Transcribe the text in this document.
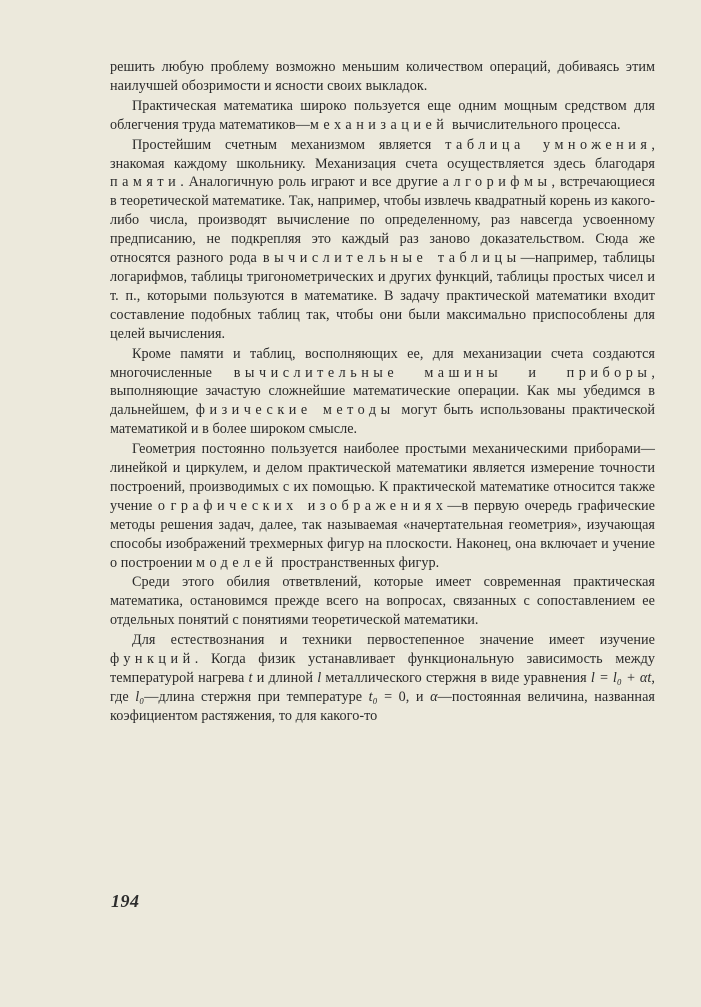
решить любую проблему возможно меньшим количеством операций, добиваясь этим наилучшей обозримости и ясности своих выкладок.

Практическая математика широко пользуется еще одним мощным средством для облегчения труда математиков—механизацией вычислительного процесса.

Простейшим счетным механизмом является таблица умножения, знакомая каждому школьнику. Механизация счета осуществляется здесь благодаря памяти. Аналогичную роль играют и все другие алгорифмы, встречающиеся в теоретической математике. Так, например, чтобы извлечь квадратный корень из какого-либо числа, производят вычисление по определенному, раз навсегда усвоенному предписанию, не подкрепляя это каждый раз заново доказательством. Сюда же относятся разного рода вычислительные таблицы—например, таблицы логарифмов, таблицы тригонометрических и других функций, таблицы простых чисел и т. п., которыми пользуются в математике. В задачу практической математики входит составление подобных таблиц так, чтобы они были максимально приспособлены для целей вычисления.

Кроме памяти и таблиц, восполняющих ее, для механизации счета создаются многочисленные вычислительные машины и приборы, выполняющие зачастую сложнейшие математические операции. Как мы убедимся в дальнейшем, физические методы могут быть использованы практической математикой и в более широком смысле.

Геометрия постоянно пользуется наиболее простыми механическими приборами—линейкой и циркулем, и делом практической математики является измерение точности построений, производимых с их помощью. К практической математике относится также учение о графических изображениях—в первую очередь графические методы решения задач, далее, так называемая «начертательная геометрия», изучающая способы изображений трехмерных фигур на плоскости. Наконец, она включает и учение о построении моделей пространственных фигур.

Среди этого обилия ответвлений, которые имеет современная практическая математика, остановимся прежде всего на вопросах, связанных с сопоставлением ее отдельных понятий с понятиями теоретической математики.

Для естествознания и техники первостепенное значение имеет изучение функций. Когда физик устанавливает функциональную зависимость между температурой нагрева t и длиной l металлического стержня в виде уравнения l = l₀ + αt, где l₀—длина стержня при температуре t₀ = 0, и α—постоянная величина, названная коэфициентом растяжения, то для какого-то

194
